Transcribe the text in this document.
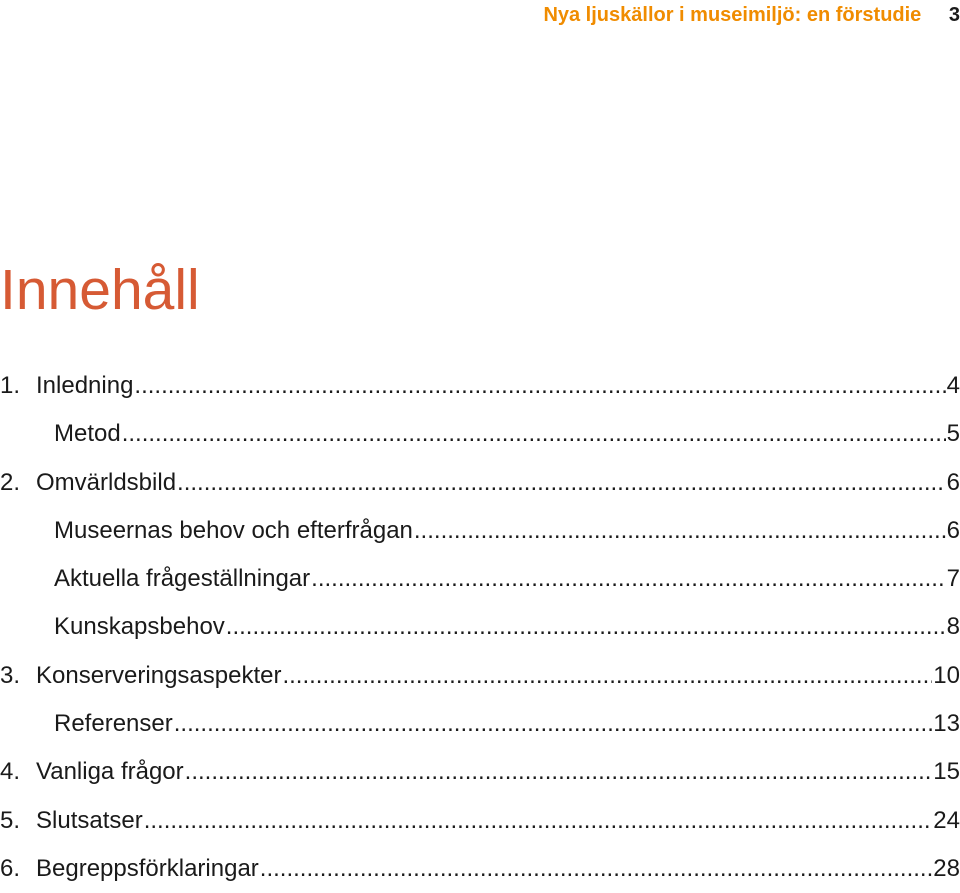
Nya ljuskällor i museimiljö: en förstudie 3
Innehåll
1. Inledning .....	4
Metod .....	5
2. Omvärldsbild .....	6
Museernas behov och efterfrågan .....	6
Aktuella frågeställningar .....	7
Kunskapsbehov .....	8
3. Konserveringsaspekter .....	10
Referenser .....	13
4. Vanliga frågor .....	15
5. Slutsatser .....	24
6. Begreppsförklaringar .....	28
